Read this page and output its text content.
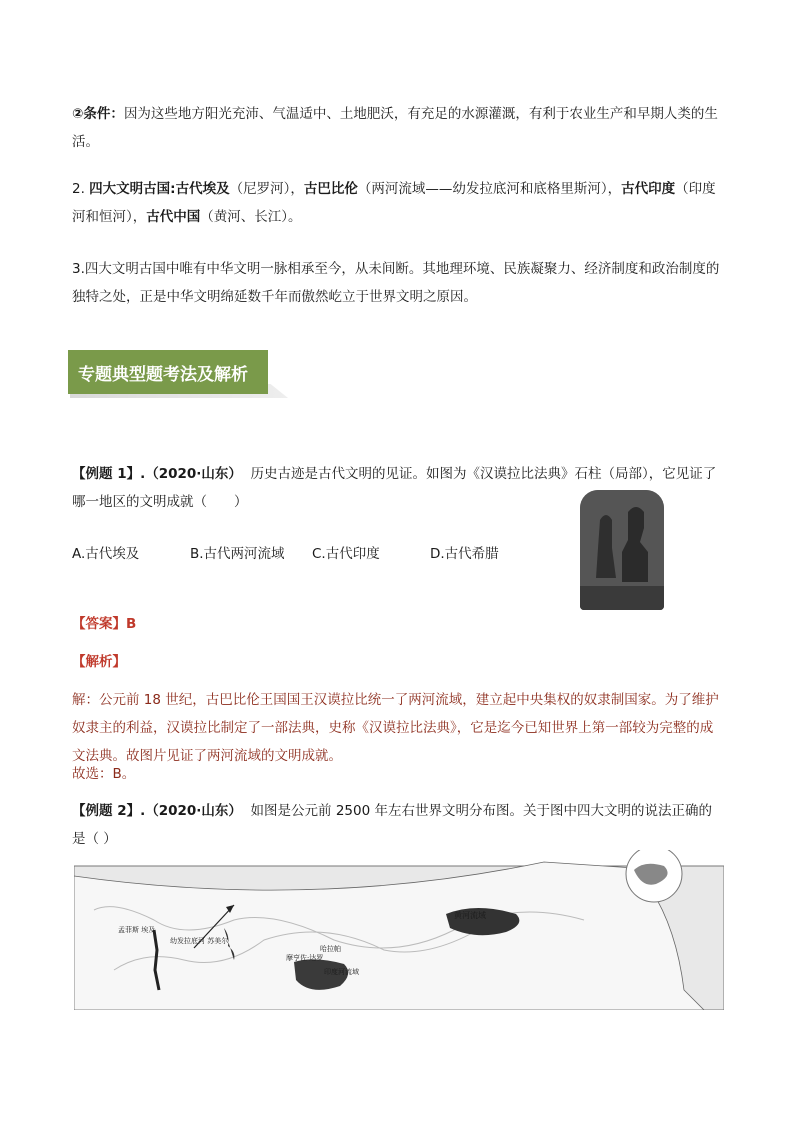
②条件：因为这些地方阳光充沛、气温适中、土地肥沃，有充足的水源灌溉，有利于农业生产和早期人类的生活。
2. 四大文明古国:古代埃及（尼罗河），古巴比伦（两河流域——幼发拉底河和底格里斯河），古代印度（印度河和恒河），古代中国（黄河、长江）。
3.四大文明古国中唯有中华文明一脉相承至今，从未间断。其地理环境、民族凝聚力、经济制度和政治制度的独特之处，正是中华文明绵延数千年而傲然屹立于世界文明之原因。
专题典型题考法及解析
【例题 1】.（2020·山东） 历史古迹是古代文明的见证。如图为《汉谟拉比法典》石柱（局部），它见证了哪一地区的文明成就（　　）
A.古代埃及	B.古代两河流域 C.古代印度	D.古代希腊
【答案】B
【解析】
解：公元前 18 世纪，古巴比伦王国国王汉谟拉比统一了两河流域，建立起中央集权的奴隶制国家。为了维护奴隶主的利益，汉谟拉比制定了一部法典，史称《汉谟拉比法典》，它是迄今已知世界上第一部较为完整的成文法典。故图片见证了两河流域的文明成就。
故选：B。
【例题 2】.（2020·山东） 如图是公元前 2500 年左右世界文明分布图。关于图中四大文明的说法正确的是（ ）
孟菲斯 埃及
幼发拉底河 苏美尔
印度河流域
哈拉帕
摩亨佐·达罗
黄河流域
